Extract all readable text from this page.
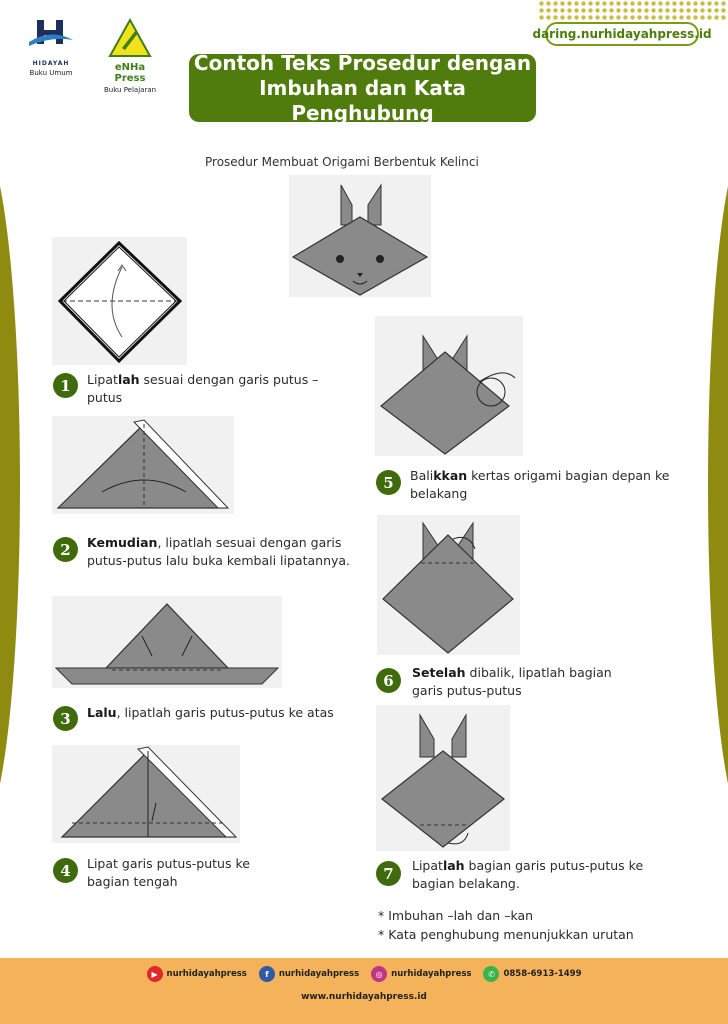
HIDAYAH
Buku Umum	eNHa Press
Buku Pelajaran
daring.nurhidayahpress.id
Contoh Teks Prosedur dengan
Imbuhan dan Kata Penghubung
Prosedur Membuat Origami Berbentuk Kelinci
1	Lipatlah sesuai dengan garis putus – putus
2	Kemudian, lipatlah sesuai dengan garis putus-putus lalu buka kembali lipatannya.
3	Lalu, lipatlah garis putus-putus ke atas
4	Lipat garis putus-putus ke bagian tengah
5	Balikkan kertas origami bagian depan ke belakang
6	Setelah dibalik, lipatlah bagian garis putus-putus
7	Lipatlah bagian garis putus-putus ke bagian belakang.
* Imbuhan –lah dan –kan
* Kata penghubung menunjukkan urutan
▶	nurhidayahpress	f	nurhidayahpress	◎	nurhidayahpress	✆	0858-6913-1499
www.nurhidayahpress.id
